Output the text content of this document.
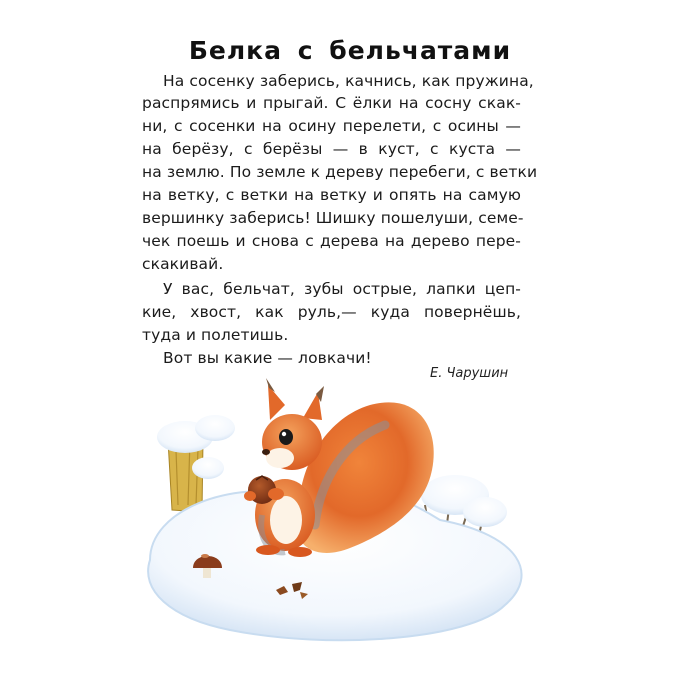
Белка с бельчатами
На сосенку заберись, качнись, как пружина,
распрямись и прыгай. С ёлки на сосну скак-
ни, с сосенки на осину перелети, с осины —
на берёзу, с берёзы — в куст, с куста —
на землю. По земле к дереву перебеги, с ветки
на ветку, с ветки на ветку и опять на самую
вершинку заберись! Шишку пошелуши, семе-
чек поешь и снова с дерева на дерево пере-
скакивай.
У вас, бельчат, зубы острые, лапки цеп-
кие, хвост, как руль,— куда повернёшь,
туда и полетишь.
Вот вы какие — ловкачи!
Е. Чарушин
